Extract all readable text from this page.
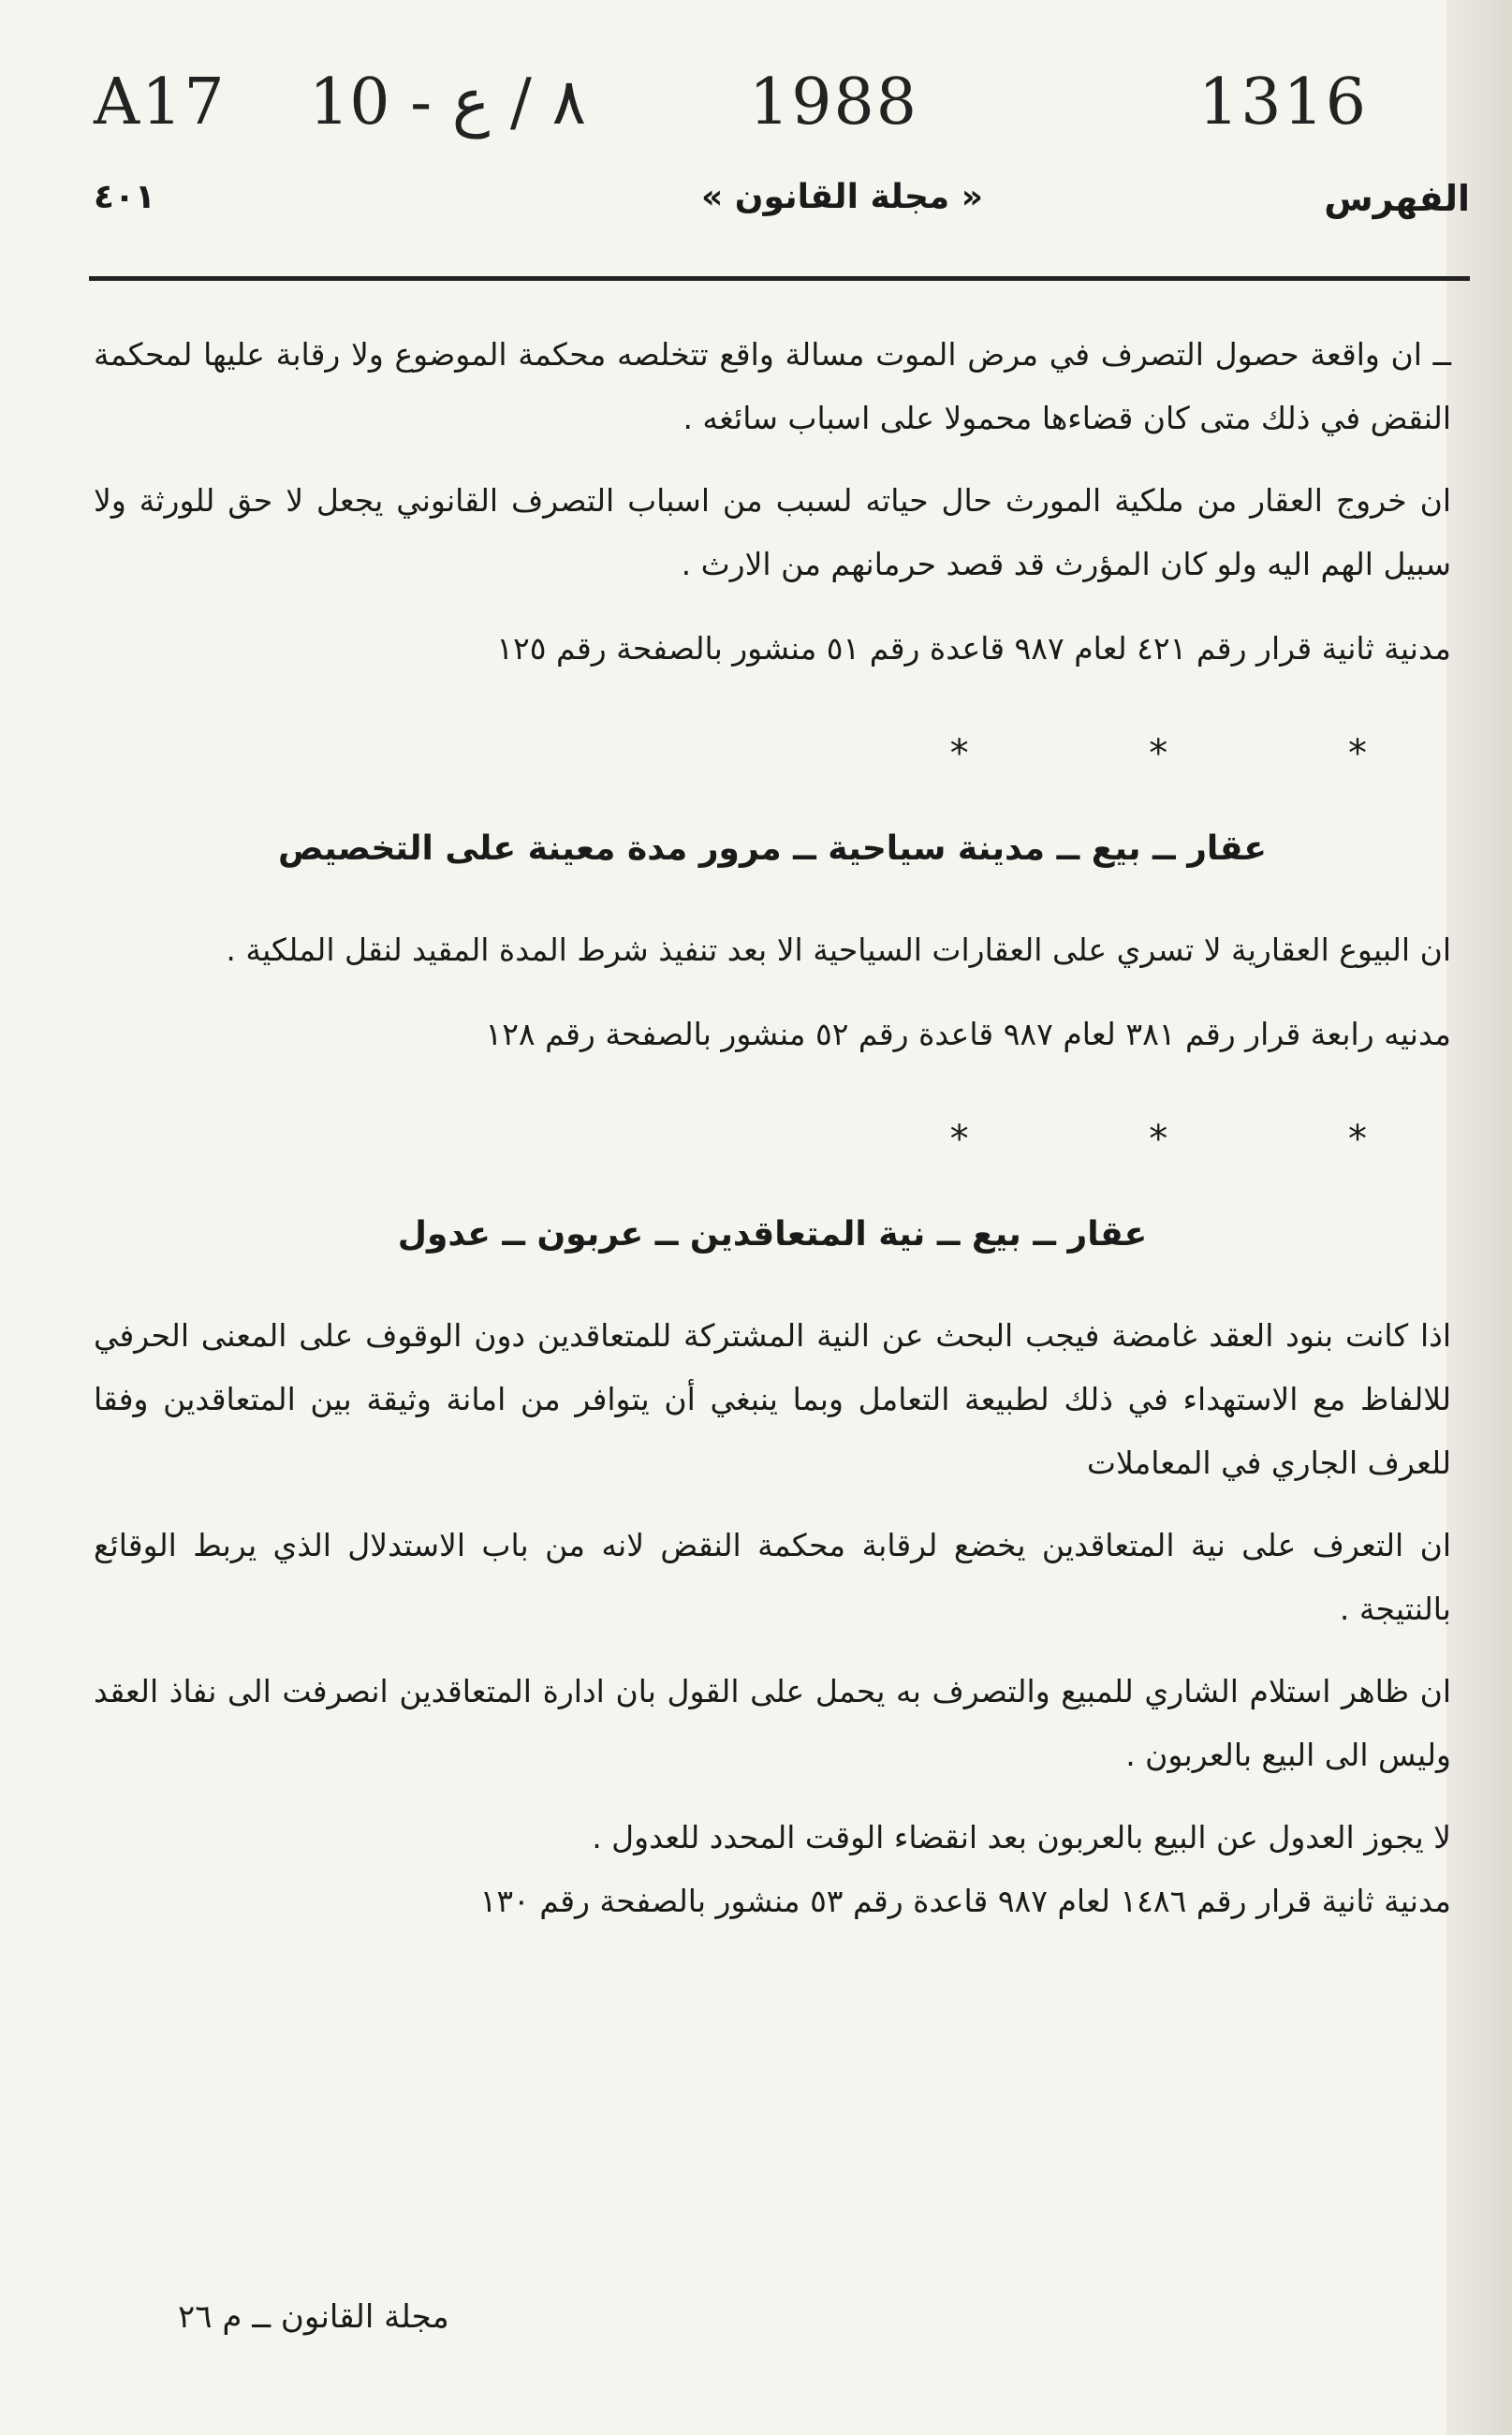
A17 10 - ٨ / ع	1988	1316
الفهرس
« مجلة القانون »
٤٠١

ــ ان واقعة حصول التصرف في مرض الموت مسالة واقع تتخلصه محكمة الموضوع ولا رقابة عليها لمحكمة النقض في ذلك متى كان قضاءها محمولا على اسباب سائغه .

ان خروج العقار من ملكية المورث حال حياته لسبب من اسباب التصرف القانوني يجعل لا حق للورثة ولا سبيل الهم اليه ولو كان المؤرث قد قصد حرمانهم من الارث .

مدنية ثانية قرار رقم ٤٢١ لعام ٩٨٧ قاعدة رقم ٥١ منشور بالصفحة رقم ١٢٥

* * *

عقار ــ بيع ــ مدينة سياحية ــ مرور مدة معينة على التخصيص

ان البيوع العقارية لا تسري على العقارات السياحية الا بعد تنفيذ شرط المدة المقيد لنقل الملكية .

مدنيه رابعة قرار رقم ٣٨١ لعام ٩٨٧ قاعدة رقم ٥٢ منشور بالصفحة رقم ١٢٨

* * *

عقار ــ بيع ــ نية المتعاقدين ــ عربون ــ عدول

اذا كانت بنود العقد غامضة فيجب البحث عن النية المشتركة للمتعاقدين دون الوقوف على المعنى الحرفي للالفاظ مع الاستهداء في ذلك لطبيعة التعامل وبما ينبغي أن يتوافر من امانة وثيقة بين المتعاقدين وفقا للعرف الجاري في المعاملات

ان التعرف على نية المتعاقدين يخضع لرقابة محكمة النقض لانه من باب الاستدلال الذي يربط الوقائع بالنتيجة .

ان ظاهر استلام الشاري للمبيع والتصرف به يحمل على القول بان ادارة المتعاقدين انصرفت الى نفاذ العقد وليس الى البيع بالعربون .

لا يجوز العدول عن البيع بالعربون بعد انقضاء الوقت المحدد للعدول .

مدنية ثانية قرار رقم ١٤٨٦ لعام ٩٨٧ قاعدة رقم ٥٣ منشور بالصفحة رقم ١٣٠

مجلة القانون ــ م ٢٦
